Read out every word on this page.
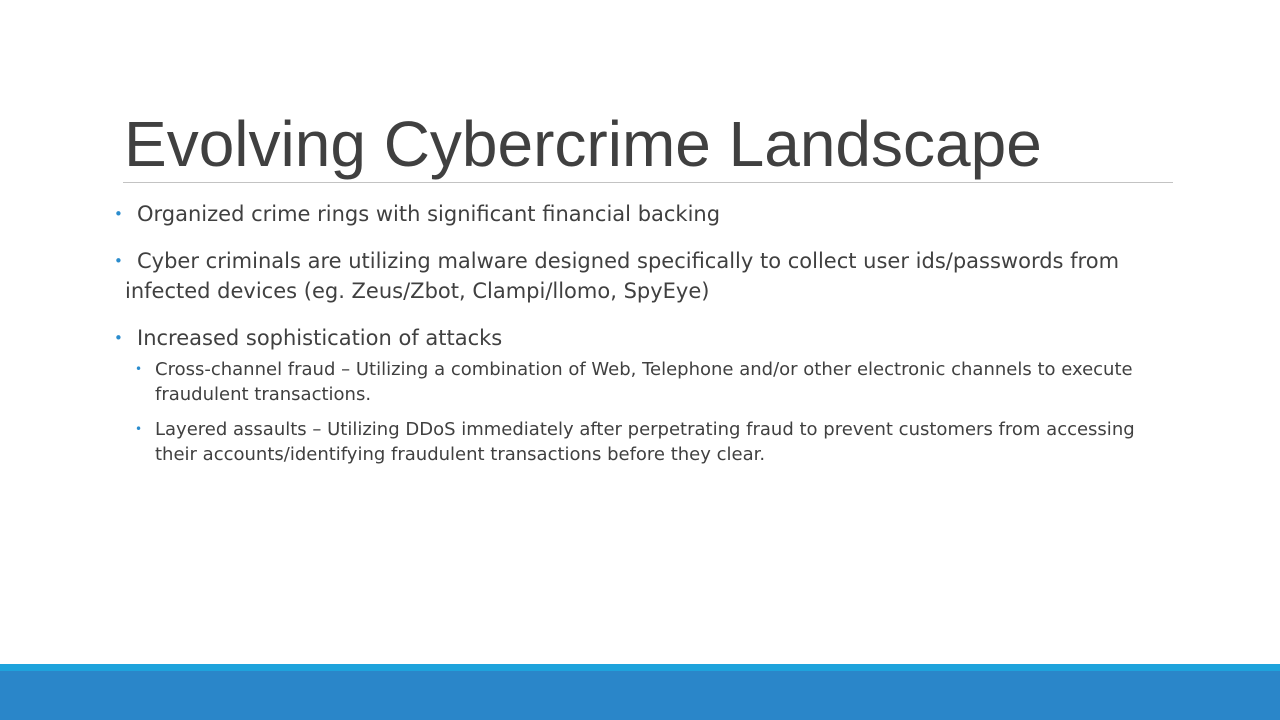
Evolving Cybercrime Landscape
• Organized crime rings with significant financial backing
• Cyber criminals are utilizing malware designed specifically to collect user ids/passwords from infected devices (eg. Zeus/Zbot, Clampi/llomo, SpyEye)
• Increased sophistication of attacks
• Cross-channel fraud – Utilizing a combination of Web, Telephone and/or other electronic channels to execute fraudulent transactions.
• Layered assaults – Utilizing DDoS immediately after perpetrating fraud to prevent customers from accessing their accounts/identifying fraudulent transactions before they clear.
